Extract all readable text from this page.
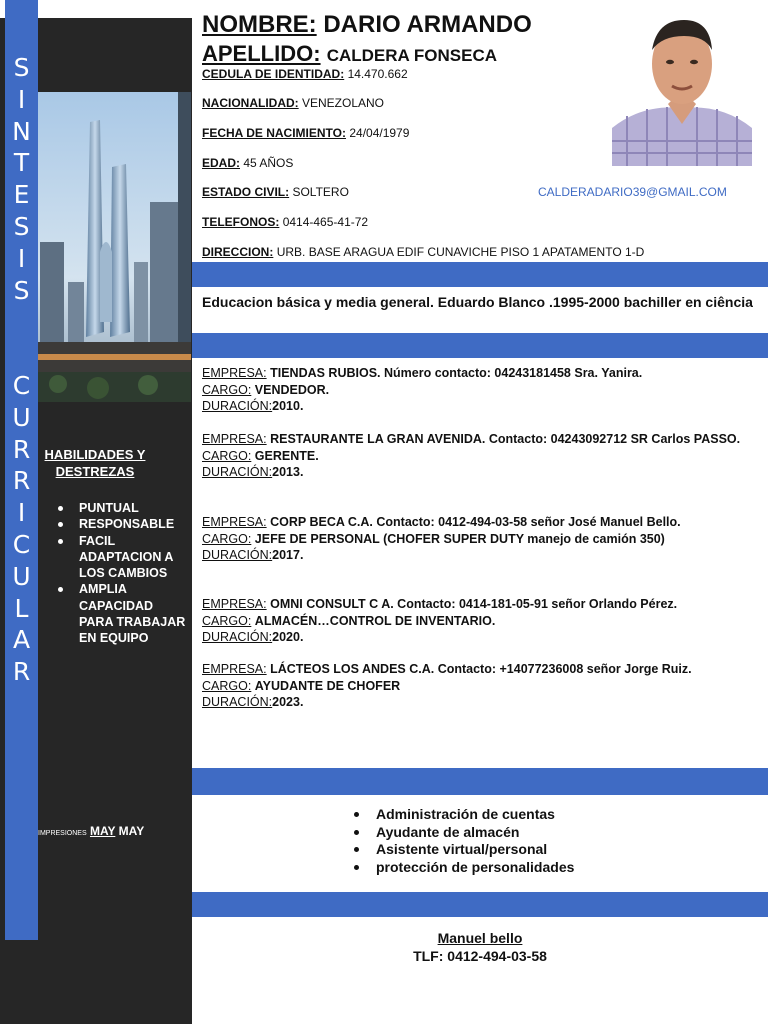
S
I
N
T
E
S
I
S

C
U
R
R
I
C
U
L
A
R
HABILIDADES Y DESTREZAS
PUNTUAL
RESPONSABLE
FACIL ADAPTACION A LOS CAMBIOS
AMPLIA CAPACIDAD PARA TRABAJAR EN EQUIPO
IMPRESIONES MAY MAY
NOMBRE: DARIO ARMANDO
APELLIDO: CALDERA FONSECA
CEDULA DE IDENTIDAD: 14.470.662
NACIONALIDAD: VENEZOLANO
FECHA DE NACIMIENTO: 24/04/1979
EDAD: 45 AÑOS
ESTADO CIVIL: SOLTERO
TELEFONOS: 0414-465-41-72
DIRECCION: URB. BASE ARAGUA EDIF CUNAVICHE PISO 1 APATAMENTO 1-D
CALDERADARIO39@GMAIL.COM
Educacion básica y media general. Eduardo Blanco .1995-2000 bachiller en ciência
EMPRESA: TIENDAS RUBIOS. Número contacto: 04243181458 Sra. Yanira.
CARGO: VENDEDOR.
DURACIÓN:2010.
EMPRESA: RESTAURANTE LA GRAN AVENIDA. Contacto: 04243092712 SR Carlos PASSO.
CARGO: GERENTE.
DURACIÓN:2013.
EMPRESA: CORP BECA C.A. Contacto: 0412-494-03-58 señor José Manuel Bello.
CARGO: JEFE DE PERSONAL (CHOFER SUPER DUTY manejo de camión 350)
DURACIÓN:2017.
EMPRESA: OMNI CONSULT C A. Contacto: 0414-181-05-91 señor Orlando Pérez.
CARGO: ALMACÉN…CONTROL DE INVENTARIO.
DURACIÓN:2020.
EMPRESA: LÁCTEOS LOS ANDES C.A. Contacto: +14077236008 señor Jorge Ruiz.
CARGO: AYUDANTE DE CHOFER
DURACIÓN:2023.
Administración de cuentas
Ayudante de almacén
Asistente virtual/personal
protección de personalidades
Manuel bello
TLF: 0412-494-03-58
